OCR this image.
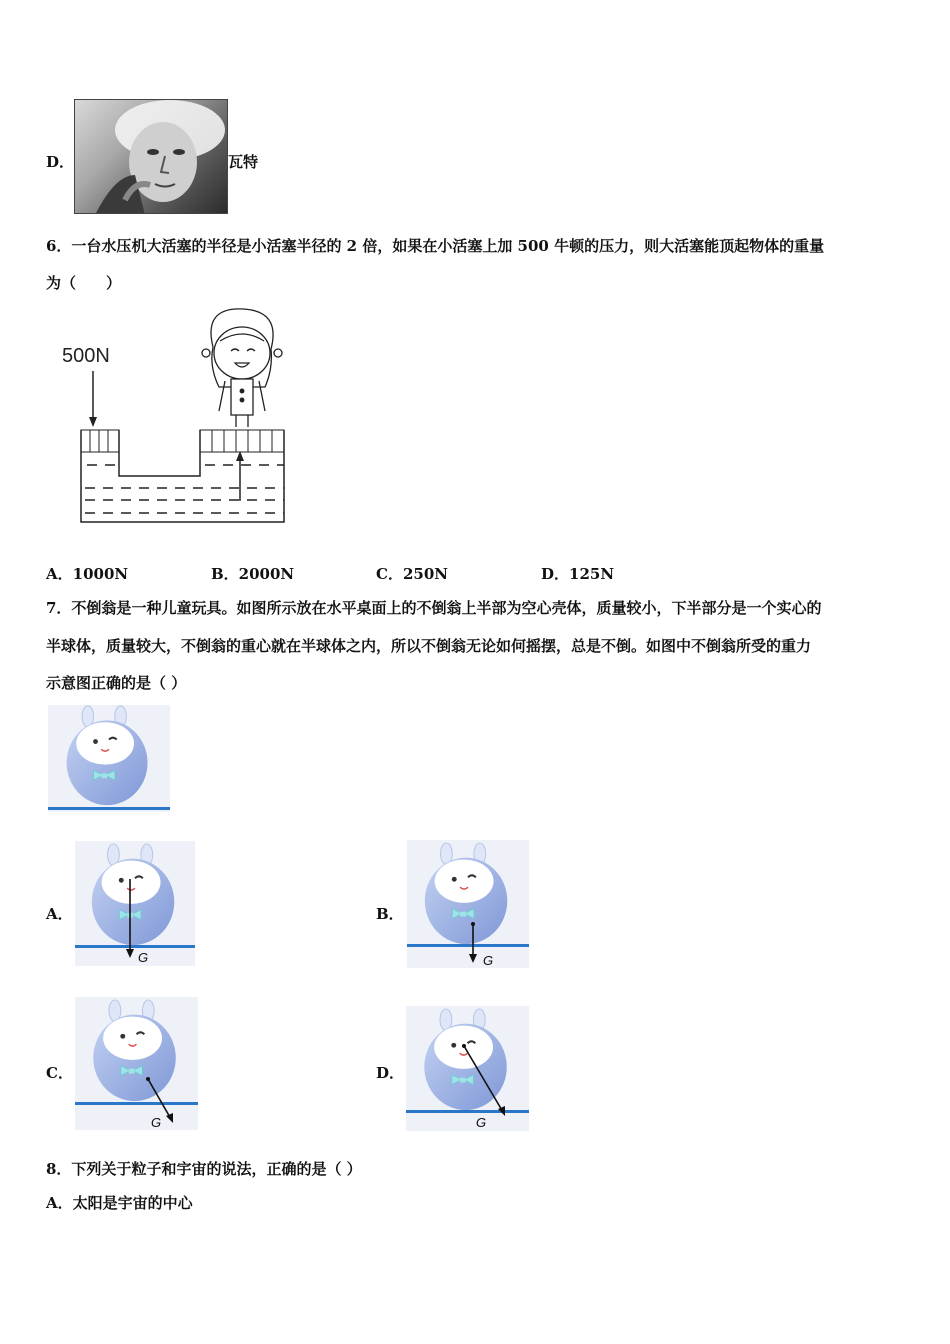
D．	瓦特
6．一台水压机大活塞的半径是小活塞半径的 2 倍，如果在小活塞上加 500 牛顿的压力，则大活塞能顶起物体的重量
为（　　）
500N
A．1000N	B．2000N	C．250N	D．125N
7．不倒翁是一种儿童玩具。如图所示放在水平桌面上的不倒翁上半部为空心壳体，质量较小，下半部分是一个实心的
半球体，质量较大，不倒翁的重心就在半球体之内，所以不倒翁无论如何摇摆，总是不倒。如图中不倒翁所受的重力
示意图正确的是（ ）
A．
G
B．
G
C．
G
D．
G
8．下列关于粒子和宇宙的说法，正确的是（ ）
A．太阳是宇宙的中心
